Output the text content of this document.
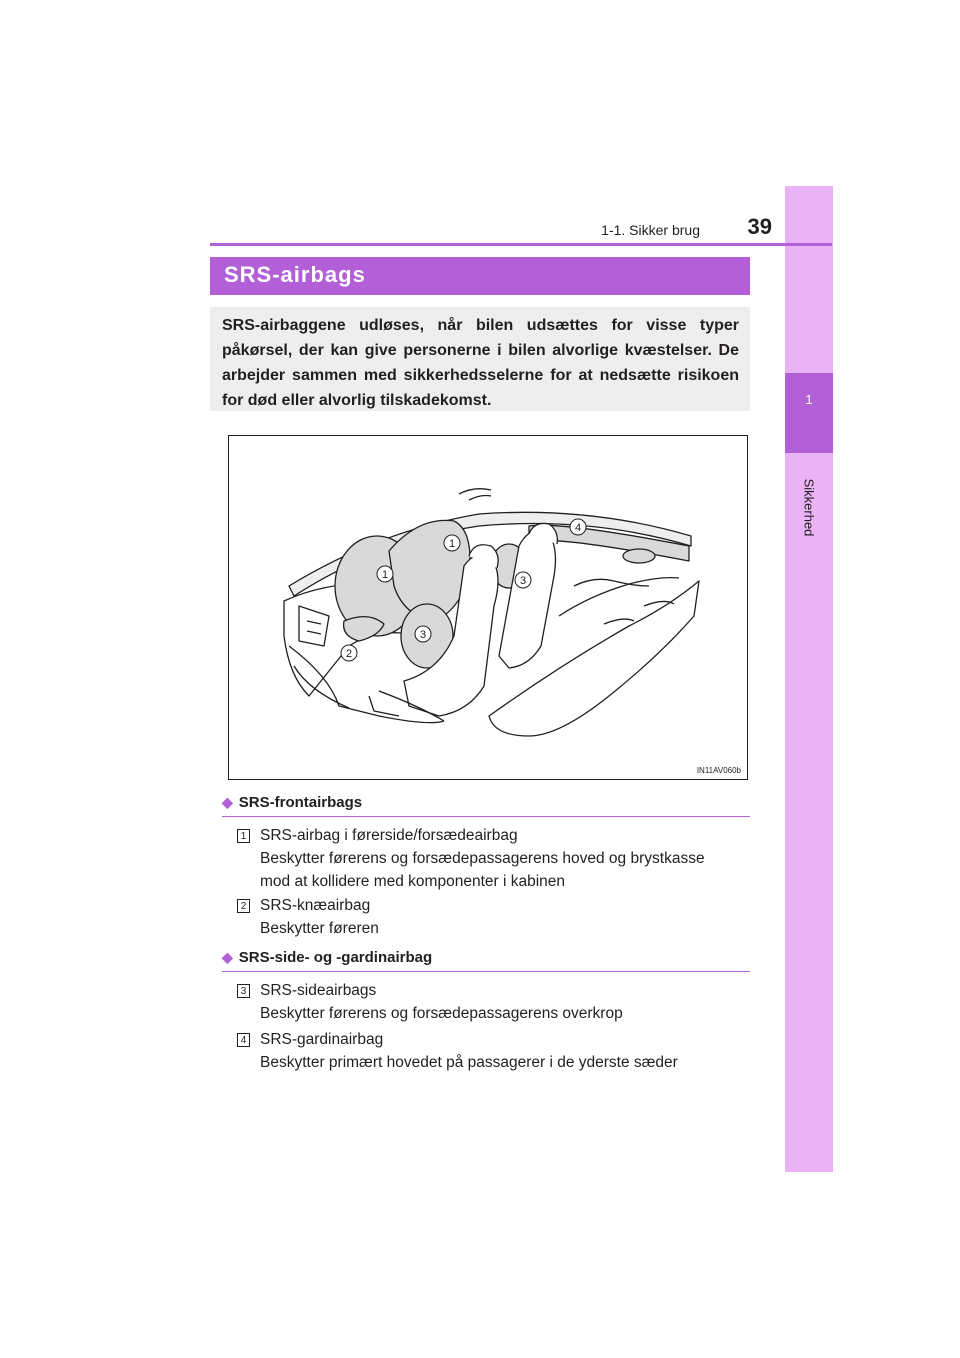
1
Sikkerhed
1-1. Sikker brug	39
SRS-airbags
SRS-airbaggene udløses, når bilen udsættes for visse typer påkørsel, der kan give personerne i bilen alvorlige kvæstelser. De arbejder sammen med sikkerhedsselerne for at nedsætte risikoen for død eller alvorlig tilskadekomst.
1
1	3
3
2
4
IN11AV060b
◆ SRS-frontairbags
1 SRS-airbag i førerside/forsædeairbag
Beskytter førerens og forsædepassagerens hoved og brystkasse
mod at kollidere med komponenter i kabinen
2 SRS-knæairbag
Beskytter føreren
◆ SRS-side- og -gardinairbag
3 SRS-sideairbags
Beskytter førerens og forsædepassagerens overkrop
4 SRS-gardinairbag
Beskytter primært hovedet på passagerer i de yderste sæder
